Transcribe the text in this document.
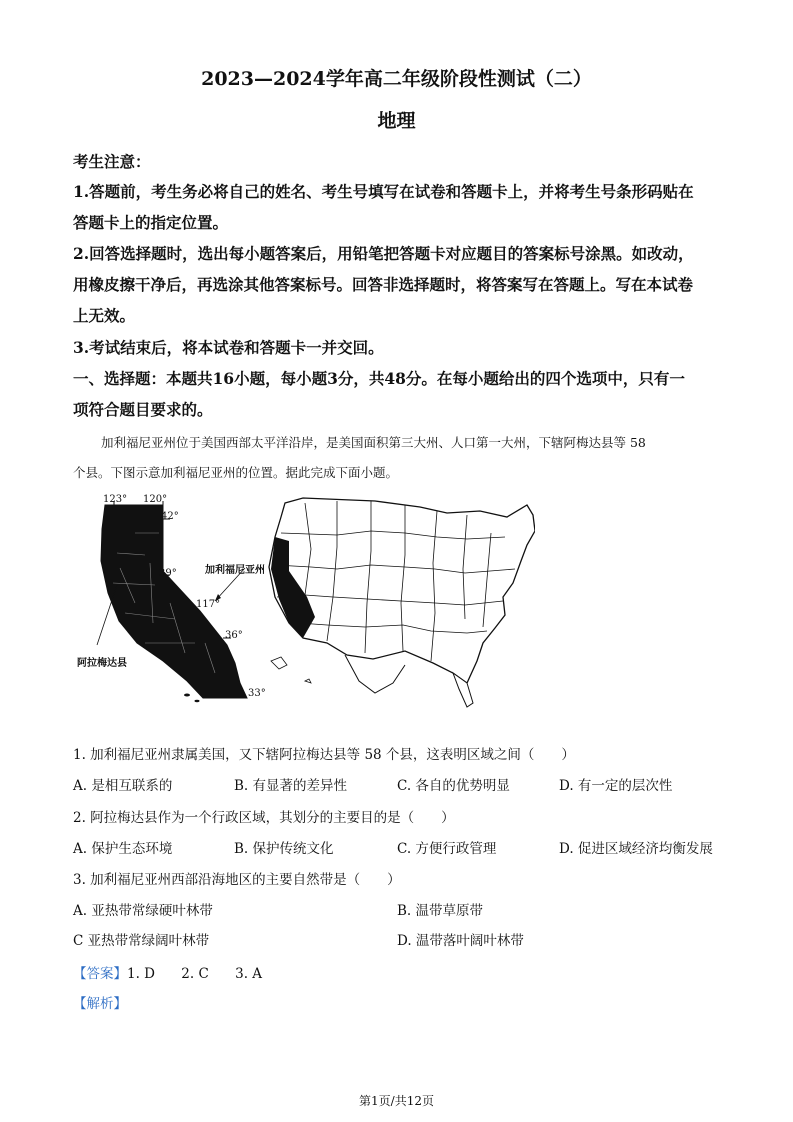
2023—2024学年高二年级阶段性测试（二）
地理
考生注意：
1.答题前，考生务必将自己的姓名、考生号填写在试卷和答题卡上，并将考生号条形码贴在
答题卡上的指定位置。
2.回答选择题时，选出每小题答案后，用铅笔把答题卡对应题目的答案标号涂黑。如改动，
用橡皮擦干净后，再选涂其他答案标号。回答非选择题时，将答案写在答题上。写在本试卷
上无效。
3.考试结束后，将本试卷和答题卡一并交回。
一、选择题：本题共16小题，每小题3分，共48分。在每小题给出的四个选项中，只有一
项符合题目要求的。
加利福尼亚州位于美国西部太平洋沿岸，是美国面积第三大州、人口第一大州，下辖阿梅达县等 58
个县。下图示意加利福尼亚州的位置。据此完成下面小题。
123° 120°
42°
39°
117°
36°
33°
加利福尼亚州
阿拉梅达县
1. 加利福尼亚州隶属美国，又下辖阿拉梅达县等 58 个县，这表明区域之间（　　）
A. 是相互联系的	B. 有显著的差异性	C. 各自的优势明显	D. 有一定的层次性
2. 阿拉梅达县作为一个行政区域，其划分的主要目的是（　　）
A. 保护生态环境	B. 保护传统文化	C. 方便行政管理	D. 促进区域经济均衡发展
3. 加利福尼亚州西部沿海地区的主要自然带是（　　）
A. 亚热带常绿硬叶林带	B. 温带草原带
C 亚热带常绿阔叶林带	D. 温带落叶阔叶林带
【答案】1. D 2. C 3. A
【解析】
第1页/共12页
